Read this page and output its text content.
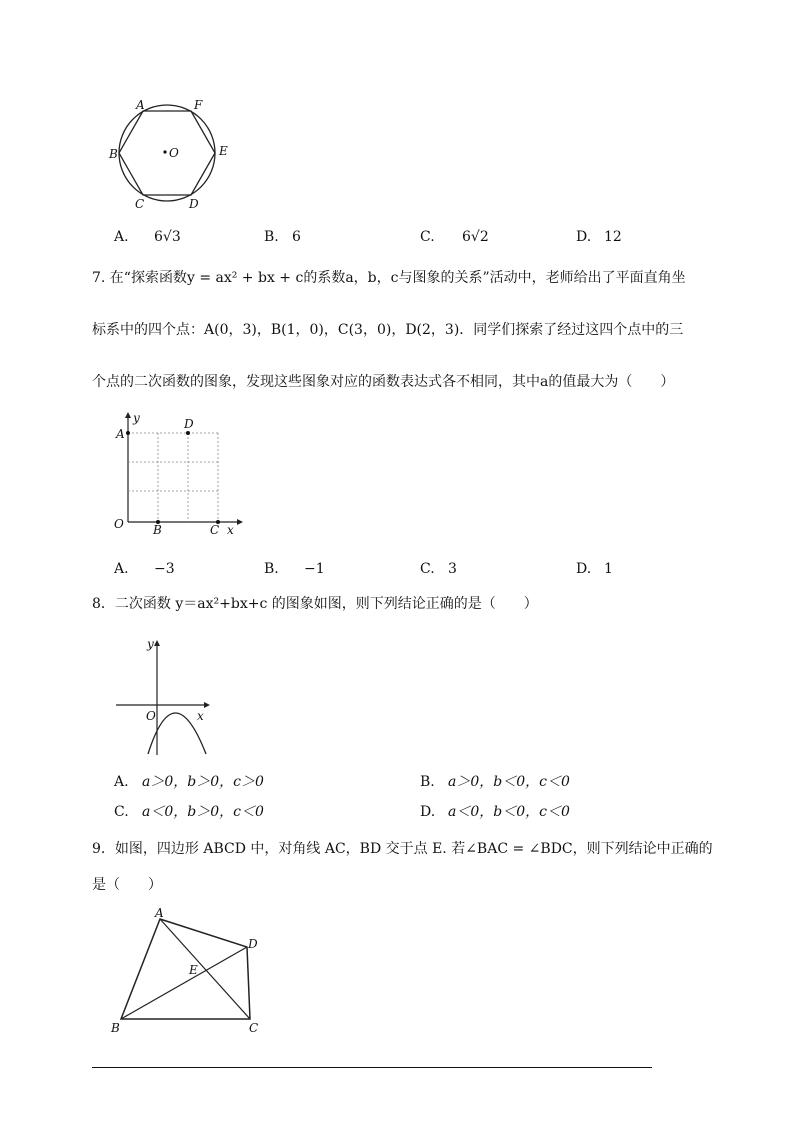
A	F
B	O	E
C	D
A. 6√3	B. 6	C. 6√2	D. 12
7. 在“探索函数y = ax² + bx + c的系数a，b，c与图象的关系”活动中，老师给出了平面直角坐
标系中的四个点：A(0，3)，B(1，0)，C(3，0)，D(2，3)．同学们探索了经过这四个点中的三
个点的二次函数的图象，发现这些图象对应的函数表达式各不相同，其中a的值最大为（　　）
y
A
D
O B	C x
A. −3	B. −1	C. 3	D. 1
8．二次函数 y＝ax²+bx+c 的图象如图，则下列结论正确的是（　　）
y
O	x
A. a＞0，b＞0，c＞0	B. a＞0，b＜0，c＜0
C. a＜0，b＞0，c＜0	D. a＜0，b＜0，c＜0
9．如图，四边形 ABCD 中，对角线 AC，BD 交于点 E. 若∠BAC = ∠BDC，则下列结论中正确的
是（　　）
A
D
E
B	C
